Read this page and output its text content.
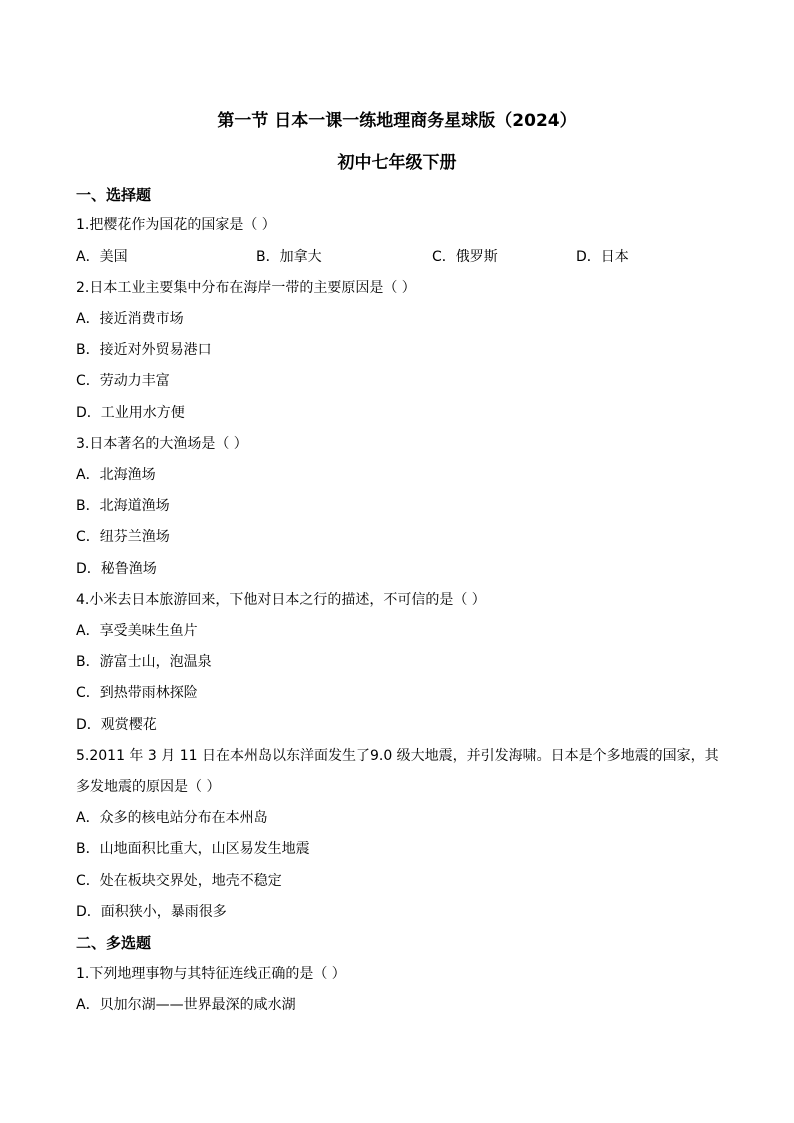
第一节 日本一课一练地理商务星球版（2024）
初中七年级下册
一、选择题
1.把樱花作为国花的国家是（ ）
A．美国	B．加拿大	C．俄罗斯	D．日本
2.日本工业主要集中分布在海岸一带的主要原因是（ ）
A．接近消费市场
B．接近对外贸易港口
C．劳动力丰富
D．工业用水方便
3.日本著名的大渔场是（ ）
A．北海渔场
B．北海道渔场
C．纽芬兰渔场
D．秘鲁渔场
4.小米去日本旅游回来，下他对日本之行的描述，不可信的是（ ）
A．享受美味生鱼片
B．游富士山，泡温泉
C．到热带雨林探险
D．观赏樱花
5.2011 年 3 月 11 日在本州岛以东洋面发生了9.0 级大地震，并引发海啸。日本是个多地震的国家，其
多发地震的原因是（ ）
A．众多的核电站分布在本州岛
B．山地面积比重大，山区易发生地震
C．处在板块交界处，地壳不稳定
D．面积狭小，暴雨很多
二、多选题
1.下列地理事物与其特征连线正确的是（ ）
A．贝加尔湖——世界最深的咸水湖
